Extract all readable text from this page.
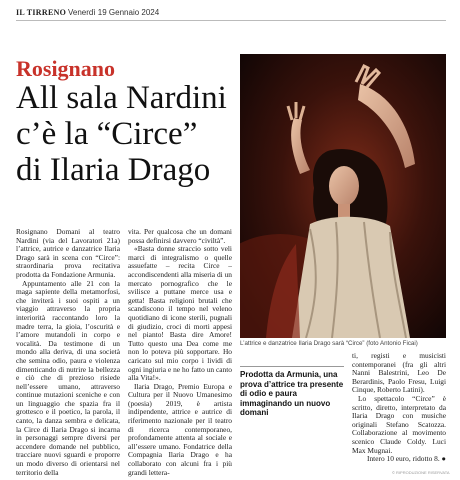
IL TIRRENO Venerdì 19 Gennaio 2024
Rosignano
All sala Nardini
c’è la “Circe”
di Ilaria Drago
L’attrice e danzatrice Ilaria Drago sarà “Circe” (foto Antonio Ficai)

Rosignano Domani al teatro Nardini (via del Lavoratori 21a) l’attrice, autrice e danzatrice Ilaria Drago sarà in scena con “Circe”: straordinaria prova recitativa prodotta da Fondazione Armunia.

Appuntamento alle 21 con la maga sapiente della metamorfosi, che inviterà i suoi ospiti a un viaggio attraverso la propria interiorità raccontando loro la madre terra, la gioia, l’oscurità e l’amore mutandoli in corpo e vocalità. Da testimone di un mondo alla deriva, di una società che semina odio, paura e violenza dimenticando di nutrire la bellezza e ciò che di prezioso risiede nell’essere umano, attraverso continue mutazioni sceniche e con un linguaggio che spazia fra il grottesco e il poetico, la parola, il canto, la danza sembra e delicata, la Circe di Ilaria Drago si incarna in personaggi sempre diversi per accendere domande nel pubblico, tracciare nuovi sguardi e proporre un modo diverso di orientarsi nel territorio della

vita. Per qualcosa che un domani possa definirsi davvero “civiltà”.

«Basta donne straccio sotto veli marci di integralismo o quelle assuefatte – recita Circe – accondiscendenti alla miseria di un mercato pornografico che le svilisce a puttane merce usa e getta! Basta religioni brutali che scandiscono il tempo nel veleno quotidiano di icone sterili, pugnali di giudizio, croci di morti appesi nel pianto! Basta dire Amore! Tutto questo una Dea come me non lo poteva più sopportare. Ho caricato sul mio corpo i lividi di ogni ingiuria e ne ho fatto un canto alla Vita!».

Ilaria Drago, Premio Europa e Cultura per il Nuovo Umanesimo (poesia) 2019, è artista indipendente, attrice e autrice di riferimento nazionale per il teatro di ricerca contemporaneo, profondamente attenta al sociale e all’essere umano. Fondatrice della Compagnia Ilaria Drago e ha collaborato con alcuni fra i più grandi lettera-

Prodotta da Armunia, una prova d’attrice tra presente di odio e paura immaginando un nuovo domani

ti, registi e musicisti contemporanei (fra gli altri Nanni Balestrini, Leo De Berardinis, Paolo Fresu, Luigi Cinque, Roberto Latini).

Lo spettacolo “Circe” è scritto, diretto, interpretato da Ilaria Drago con musiche originali Stefano Scatozza. Collaborazione al movimento scenico Claude Coldy. Luci Max Mugnai.

Intero 10 euro, ridotto 8. ●

© RIPRODUZIONE RISERVATA
